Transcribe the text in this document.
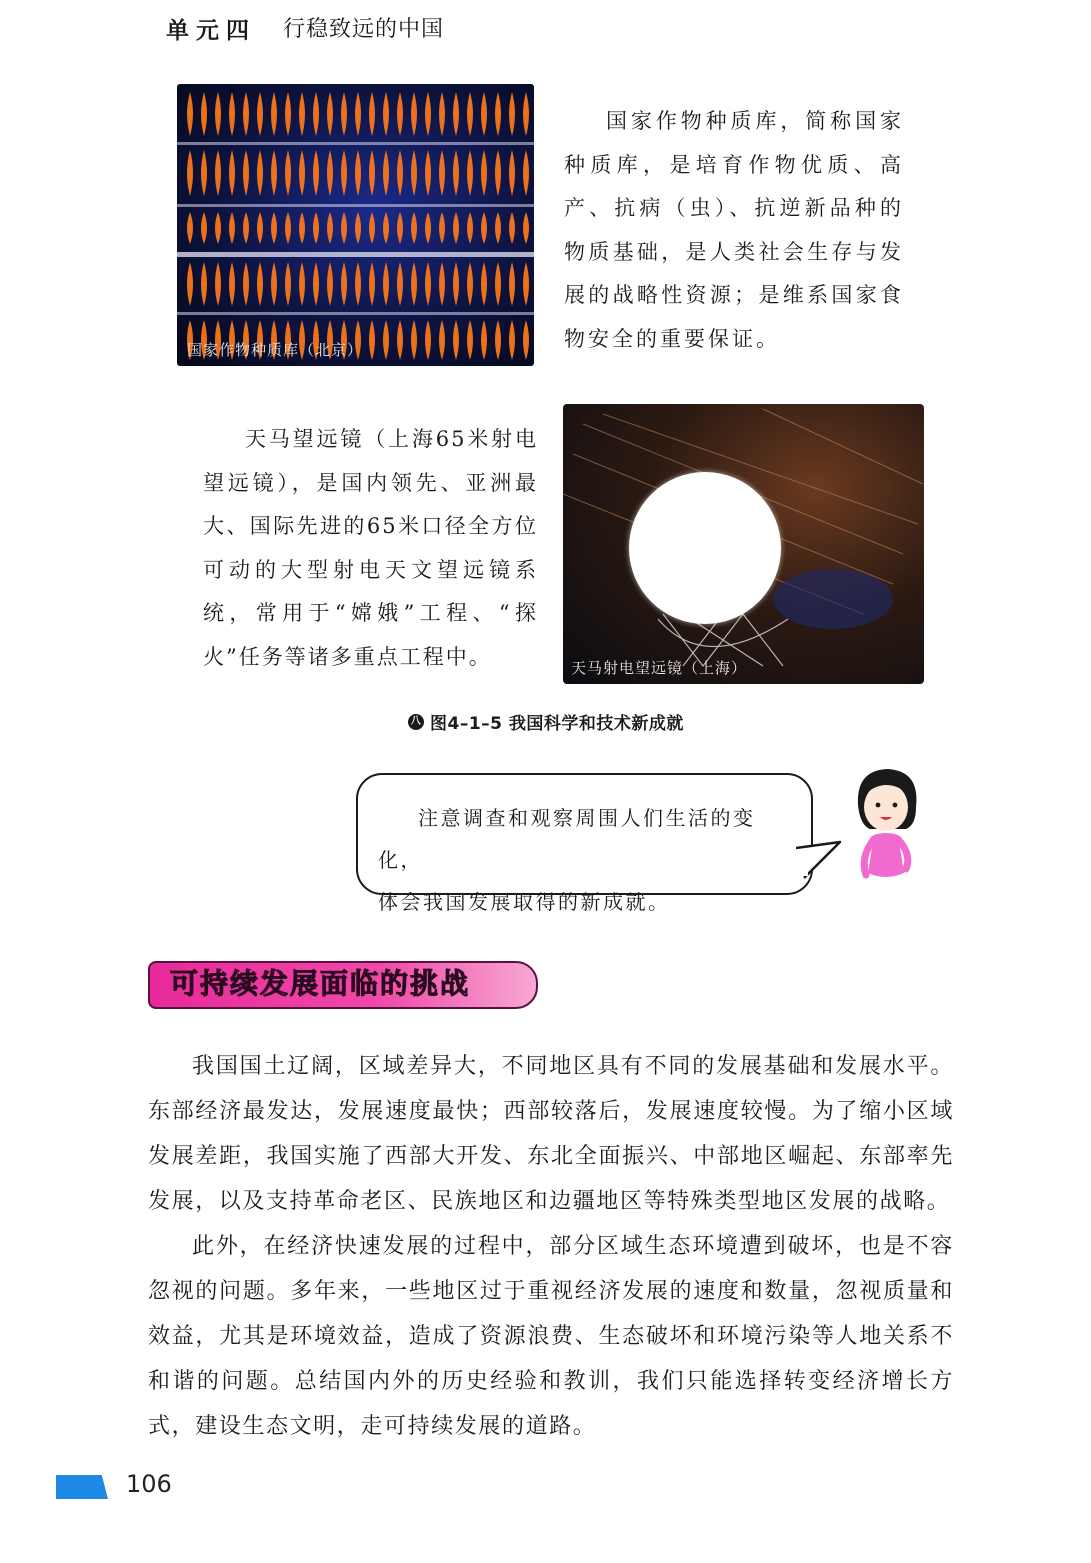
单元四 行稳致远的中国
国家作物种质库（北京）
国家作物种质库，简称国家种质库，是培育作物优质、高产、抗病（虫）、抗逆新品种的物质基础，是人类社会生存与发展的战略性资源；是维系国家食物安全的重要保证。
天马望远镜（上海65米射电望远镜），是国内领先、亚洲最大、国际先进的65米口径全方位可动的大型射电天文望远镜系统，常用于“嫦娥”工程、“探火”任务等诸多重点工程中。	天马射电望远镜（上海）
八 图4–1–5 我国科学和技术新成就
注意调查和观察周围人们生活的变化，
体会我国发展取得的新成就。
可持续发展面临的挑战

我国国土辽阔，区域差异大，不同地区具有不同的发展基础和发展水平。东部经济最发达，发展速度最快；西部较落后，发展速度较慢。为了缩小区域发展差距，我国实施了西部大开发、东北全面振兴、中部地区崛起、东部率先发展，以及支持革命老区、民族地区和边疆地区等特殊类型地区发展的战略。

此外，在经济快速发展的过程中，部分区域生态环境遭到破坏，也是不容忽视的问题。多年来，一些地区过于重视经济发展的速度和数量，忽视质量和效益，尤其是环境效益，造成了资源浪费、生态破坏和环境污染等人地关系不和谐的问题。总结国内外的历史经验和教训，我们只能选择转变经济增长方式，建设生态文明，走可持续发展的道路。

106
